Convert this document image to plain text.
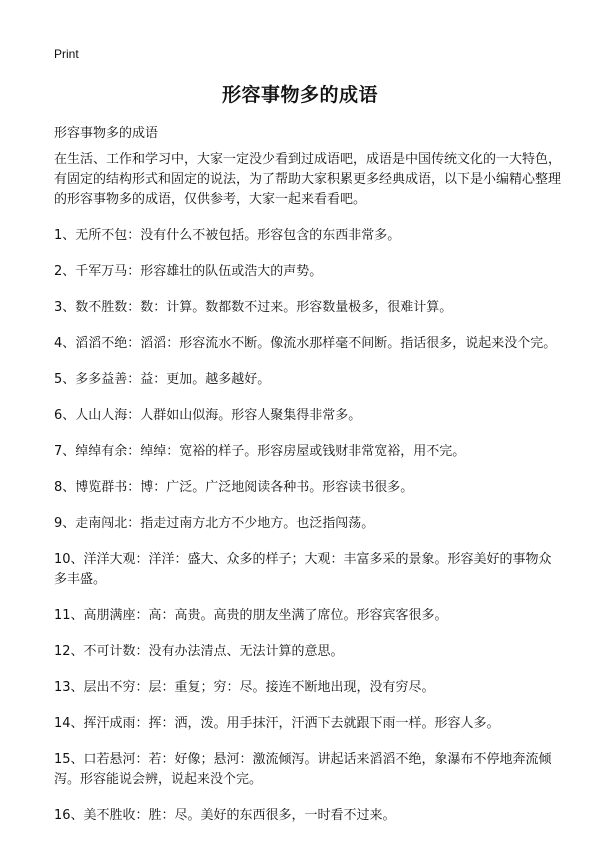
Print
形容事物多的成语
形容事物多的成语

在生活、工作和学习中，大家一定没少看到过成语吧，成语是中国传统文化的一大特色，有固定的结构形式和固定的说法，为了帮助大家积累更多经典成语，以下是小编精心整理的形容事物多的成语，仅供参考，大家一起来看看吧。

1、无所不包：没有什么不被包括。形容包含的东西非常多。
2、千军万马：形容雄壮的队伍或浩大的声势。
3、数不胜数：数：计算。数都数不过来。形容数量极多，很难计算。
4、滔滔不绝：滔滔：形容流水不断。像流水那样毫不间断。指话很多，说起来没个完。
5、多多益善：益：更加。越多越好。
6、人山人海：人群如山似海。形容人聚集得非常多。
7、绰绰有余：绰绰：宽裕的样子。形容房屋或钱财非常宽裕，用不完。
8、博览群书：博：广泛。广泛地阅读各种书。形容读书很多。
9、走南闯北：指走过南方北方不少地方。也泛指闯荡。
10、洋洋大观：洋洋：盛大、众多的样子；大观：丰富多采的景象。形容美好的事物众多丰盛。
11、高朋满座：高：高贵。高贵的朋友坐满了席位。形容宾客很多。
12、不可计数：没有办法清点、无法计算的意思。
13、层出不穷：层：重复；穷：尽。接连不断地出现，没有穷尽。
14、挥汗成雨：挥：洒，泼。用手抹汗，汗洒下去就跟下雨一样。形容人多。
15、口若悬河：若：好像；悬河：激流倾泻。讲起话来滔滔不绝，象瀑布不停地奔流倾泻。形容能说会辨，说起来没个完。
16、美不胜收：胜：尽。美好的东西很多，一时看不过来。
